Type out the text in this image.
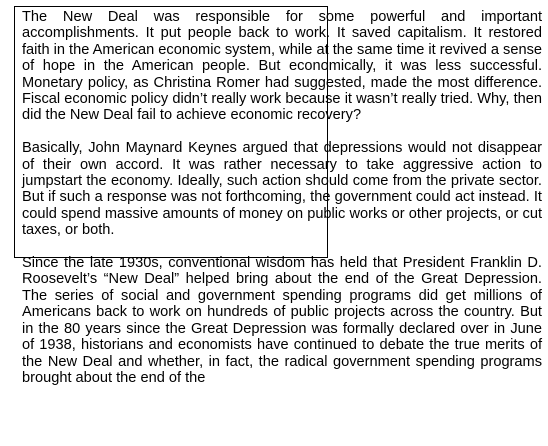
The New Deal was responsible for some powerful and important accomplishments. It put people back to work. It saved capitalism. It restored faith in the American economic system, while at the same time it revived a sense of hope in the American people. But economically, it was less successful. Monetary policy, as Christina Romer had suggested, made the most difference. Fiscal economic policy didn’t really work because it wasn’t really tried. Why, then did the New Deal fail to achieve economic recovery?

Basically, John Maynard Keynes argued that depressions would not disappear of their own accord. It was rather necessary to take aggressive action to jumpstart the economy. Ideally, such action should come from the private sector. But if such a response was not forthcoming, the government could act instead. It could spend massive amounts of money on public works or other projects, or cut taxes, or both.

Since the late 1930s, conventional wisdom has held that President Franklin D. Roosevelt’s “New Deal” helped bring about the end of the Great Depression. The series of social and government spending programs did get millions of Americans back to work on hundreds of public projects across the country. But in the 80 years since the Great Depression was formally declared over in June of 1938, historians and economists have continued to debate the true merits of the New Deal and whether, in fact, the radical government spending programs brought about the end of the
